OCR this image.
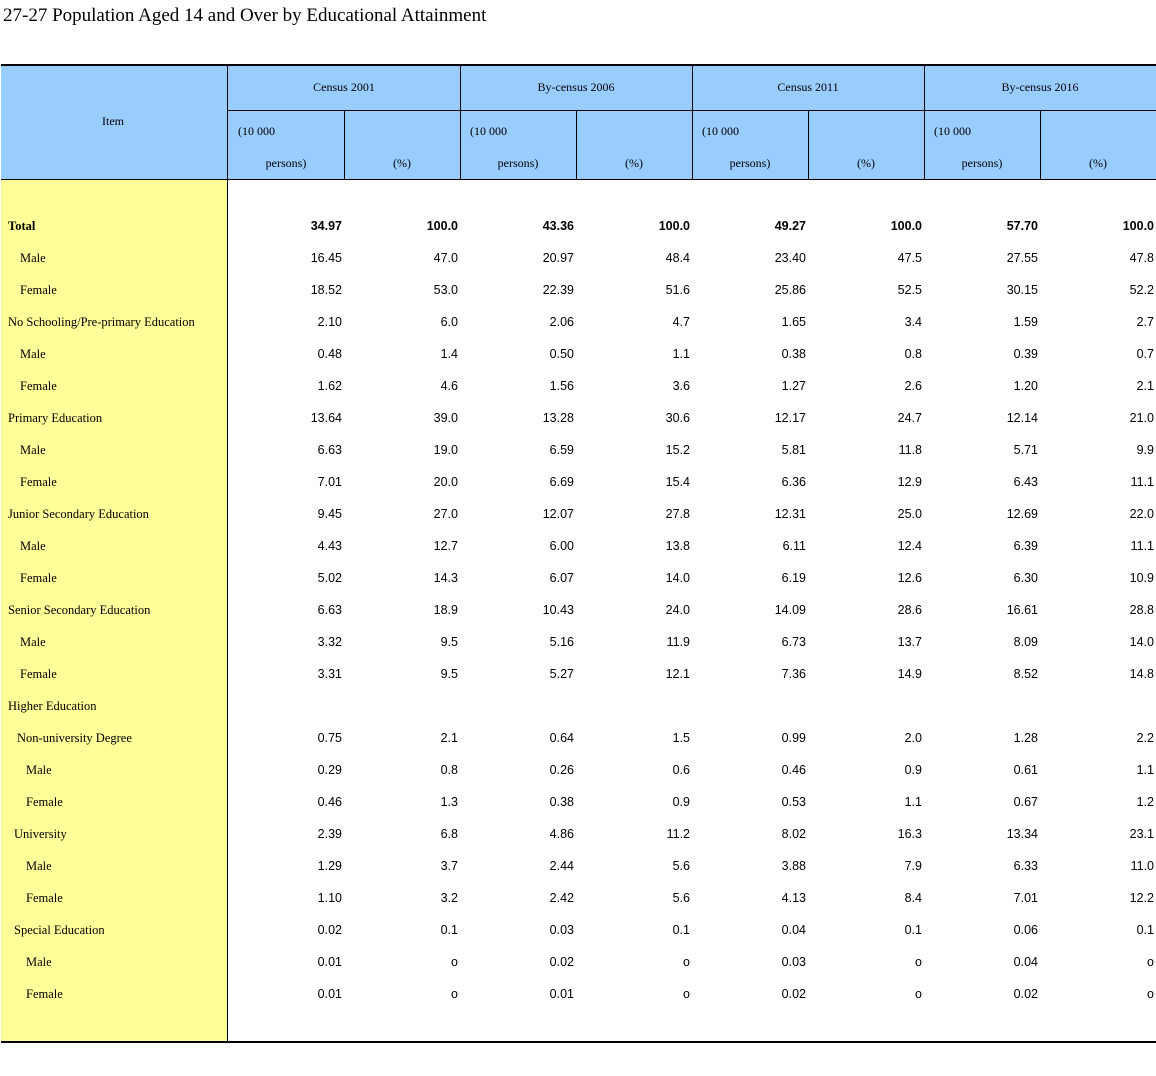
27-27 Population Aged 14 and Over by Educational Attainment
Item
Census 2001
(10 000
persons)	(%)
By-census 2006
(10 000
persons)	(%)
Census 2011
(10 000
persons)	(%)
By-census 2016
(10 000
persons)	(%)
Total	34.97	100.0	43.36	100.0	49.27	100.0	57.70	100.0
Male	16.45	47.0	20.97	48.4	23.40	47.5	27.55	47.8
Female	18.52	53.0	22.39	51.6	25.86	52.5	30.15	52.2
No Schooling/Pre-primary Education	2.10	6.0	2.06	4.7	1.65	3.4	1.59	2.7
Male	0.48	1.4	0.50	1.1	0.38	0.8	0.39	0.7
Female	1.62	4.6	1.56	3.6	1.27	2.6	1.20	2.1
Primary Education	13.64	39.0	13.28	30.6	12.17	24.7	12.14	21.0
Male	6.63	19.0	6.59	15.2	5.81	11.8	5.71	9.9
Female	7.01	20.0	6.69	15.4	6.36	12.9	6.43	11.1
Junior Secondary Education	9.45	27.0	12.07	27.8	12.31	25.0	12.69	22.0
Male	4.43	12.7	6.00	13.8	6.11	12.4	6.39	11.1
Female	5.02	14.3	6.07	14.0	6.19	12.6	6.30	10.9
Senior Secondary Education	6.63	18.9	10.43	24.0	14.09	28.6	16.61	28.8
Male	3.32	9.5	5.16	11.9	6.73	13.7	8.09	14.0
Female	3.31	9.5	5.27	12.1	7.36	14.9	8.52	14.8
Higher Education
Non-university Degree	0.75	2.1	0.64	1.5	0.99	2.0	1.28	2.2
Male	0.29	0.8	0.26	0.6	0.46	0.9	0.61	1.1
Female	0.46	1.3	0.38	0.9	0.53	1.1	0.67	1.2
University	2.39	6.8	4.86	11.2	8.02	16.3	13.34	23.1
Male	1.29	3.7	2.44	5.6	3.88	7.9	6.33	11.0
Female	1.10	3.2	2.42	5.6	4.13	8.4	7.01	12.2
Special Education	0.02	0.1	0.03	0.1	0.04	0.1	0.06	0.1
Male	0.01	o	0.02	o	0.03	o	0.04	o
Female	0.01	o	0.01	o	0.02	o	0.02	o
